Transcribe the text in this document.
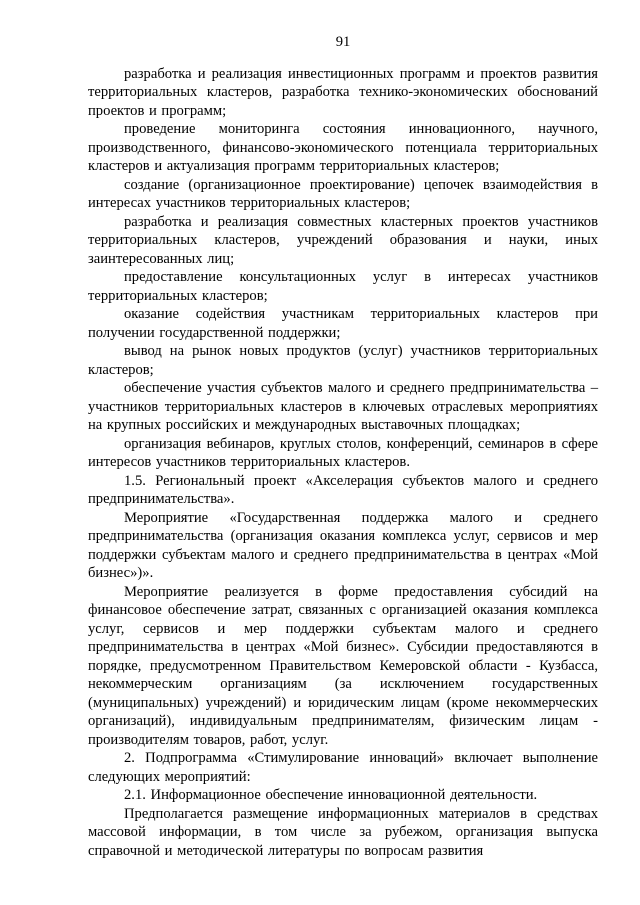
91

разработка и реализация инвестиционных программ и проектов развития территориальных кластеров, разработка технико-экономических обоснований проектов и программ;

проведение мониторинга состояния инновационного, научного, производственного, финансово-экономического потенциала территориальных кластеров и актуализация программ территориальных кластеров;

создание (организационное проектирование) цепочек взаимодействия в интересах участников территориальных кластеров;

разработка и реализация совместных кластерных проектов участников территориальных кластеров, учреждений образования и науки, иных заинтересованных лиц;

предоставление консультационных услуг в интересах участников территориальных кластеров;

оказание содействия участникам территориальных кластеров при получении государственной поддержки;

вывод на рынок новых продуктов (услуг) участников территориальных кластеров;

обеспечение участия субъектов малого и среднего предпринимательства – участников территориальных кластеров в ключевых отраслевых мероприятиях на крупных российских и международных выставочных площадках;

организация вебинаров, круглых столов, конференций, семинаров в сфере интересов участников территориальных кластеров.

1.5. Региональный проект «Акселерация субъектов малого и среднего предпринимательства».

Мероприятие «Государственная поддержка малого и среднего предпринимательства (организация оказания комплекса услуг, сервисов и мер поддержки субъектам малого и среднего предпринимательства в центрах «Мой бизнес»)».

Мероприятие реализуется в форме предоставления субсидий на финансовое обеспечение затрат, связанных с организацией оказания комплекса услуг, сервисов и мер поддержки субъектам малого и среднего предпринимательства в центрах «Мой бизнес». Субсидии предоставляются в порядке, предусмотренном Правительством Кемеровской области - Кузбасса, некоммерческим организациям (за исключением государственных (муниципальных) учреждений) и юридическим лицам (кроме некоммерческих организаций), индивидуальным предпринимателям, физическим лицам - производителям товаров, работ, услуг.

2. Подпрограмма «Стимулирование инноваций» включает выполнение следующих мероприятий:

2.1. Информационное обеспечение инновационной деятельности.

Предполагается размещение информационных материалов в средствах массовой информации, в том числе за рубежом, организация выпуска справочной и методической литературы по вопросам развития
